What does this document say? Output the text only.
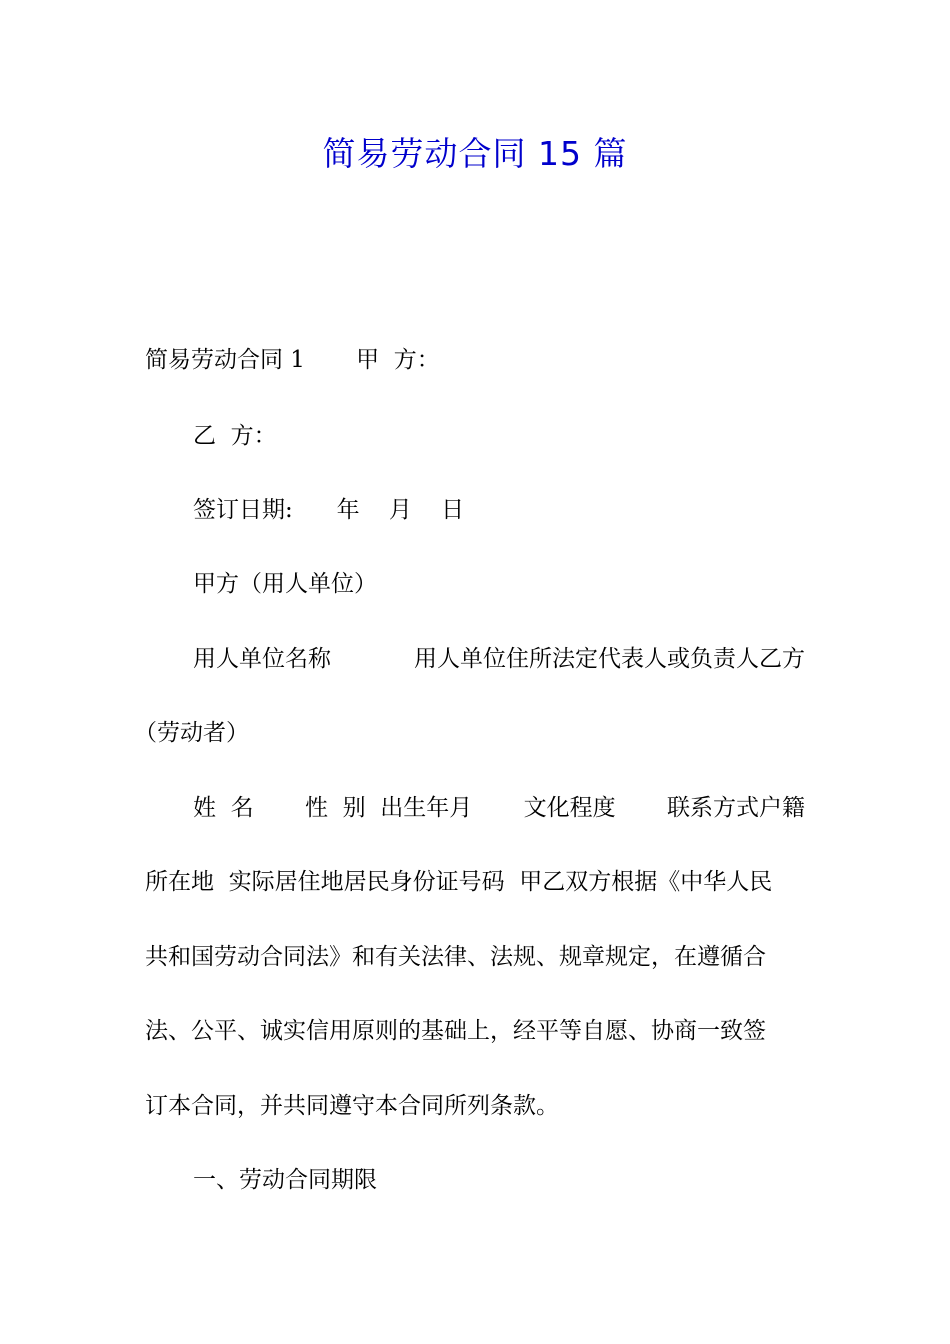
简易劳动合同 15 篇
简易劳动合同 1       甲  方：
乙  方：
签订日期:      年    月    日
甲方（用人单位）
用人单位名称	用人单位住所法定代表人或负责人乙方
（劳动者）
姓  名 性  别  出生年月 文化程度 联系方式户籍
所在地  实际居住地居民身份证号码  甲乙双方根据《中华人民
共和国劳动合同法》和有关法律、法规、规章规定，在遵循合
法、公平、诚实信用原则的基础上，经平等自愿、协商一致签
订本合同，并共同遵守本合同所列条款。
一、劳动合同期限
